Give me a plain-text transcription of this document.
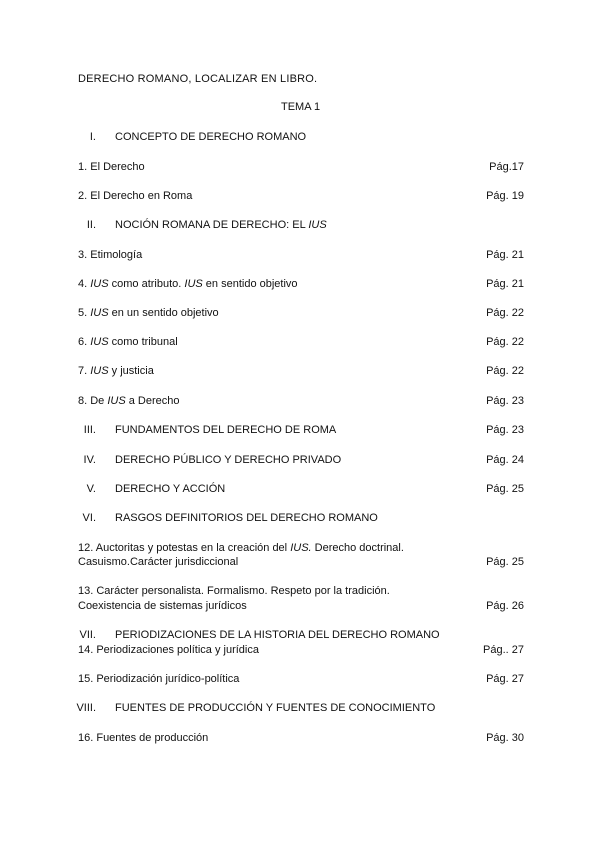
DERECHO ROMANO, LOCALIZAR EN LIBRO.
TEMA 1
I. CONCEPTO DE DERECHO ROMANO
1. El Derecho	Pág.17
2. El Derecho en Roma	Pág. 19
II. NOCIÓN ROMANA DE DERECHO: EL IUS
3. Etimología	Pág. 21
4. IUS como atributo. IUS en sentido objetivo	Pág. 21
5. IUS en un sentido objetivo	Pág. 22
6. IUS como tribunal	Pág. 22
7. IUS y justicia	Pág. 22
8. De IUS a Derecho	Pág. 23
III. FUNDAMENTOS DEL DERECHO DE ROMA	Pág. 23
IV. DERECHO PÚBLICO Y DERECHO PRIVADO	Pág. 24
V. DERECHO Y ACCIÓN	Pág. 25
VI. RASGOS DEFINITORIOS DEL DERECHO ROMANO
12. Auctoritas y potestas en la creación del IUS. Derecho doctrinal.
Casuismo.Carácter jurisdiccional	Pág. 25
13. Carácter personalista. Formalismo. Respeto por la tradición.
Coexistencia de sistemas jurídicos	Pág. 26
VII. PERIODIZACIONES DE LA HISTORIA DEL DERECHO ROMANO
14. Periodizaciones política y jurídica	Pág.. 27
15. Periodización jurídico-política	Pág. 27
VIII. FUENTES DE PRODUCCIÓN Y FUENTES DE CONOCIMIENTO
16. Fuentes de producción	Pág. 30
